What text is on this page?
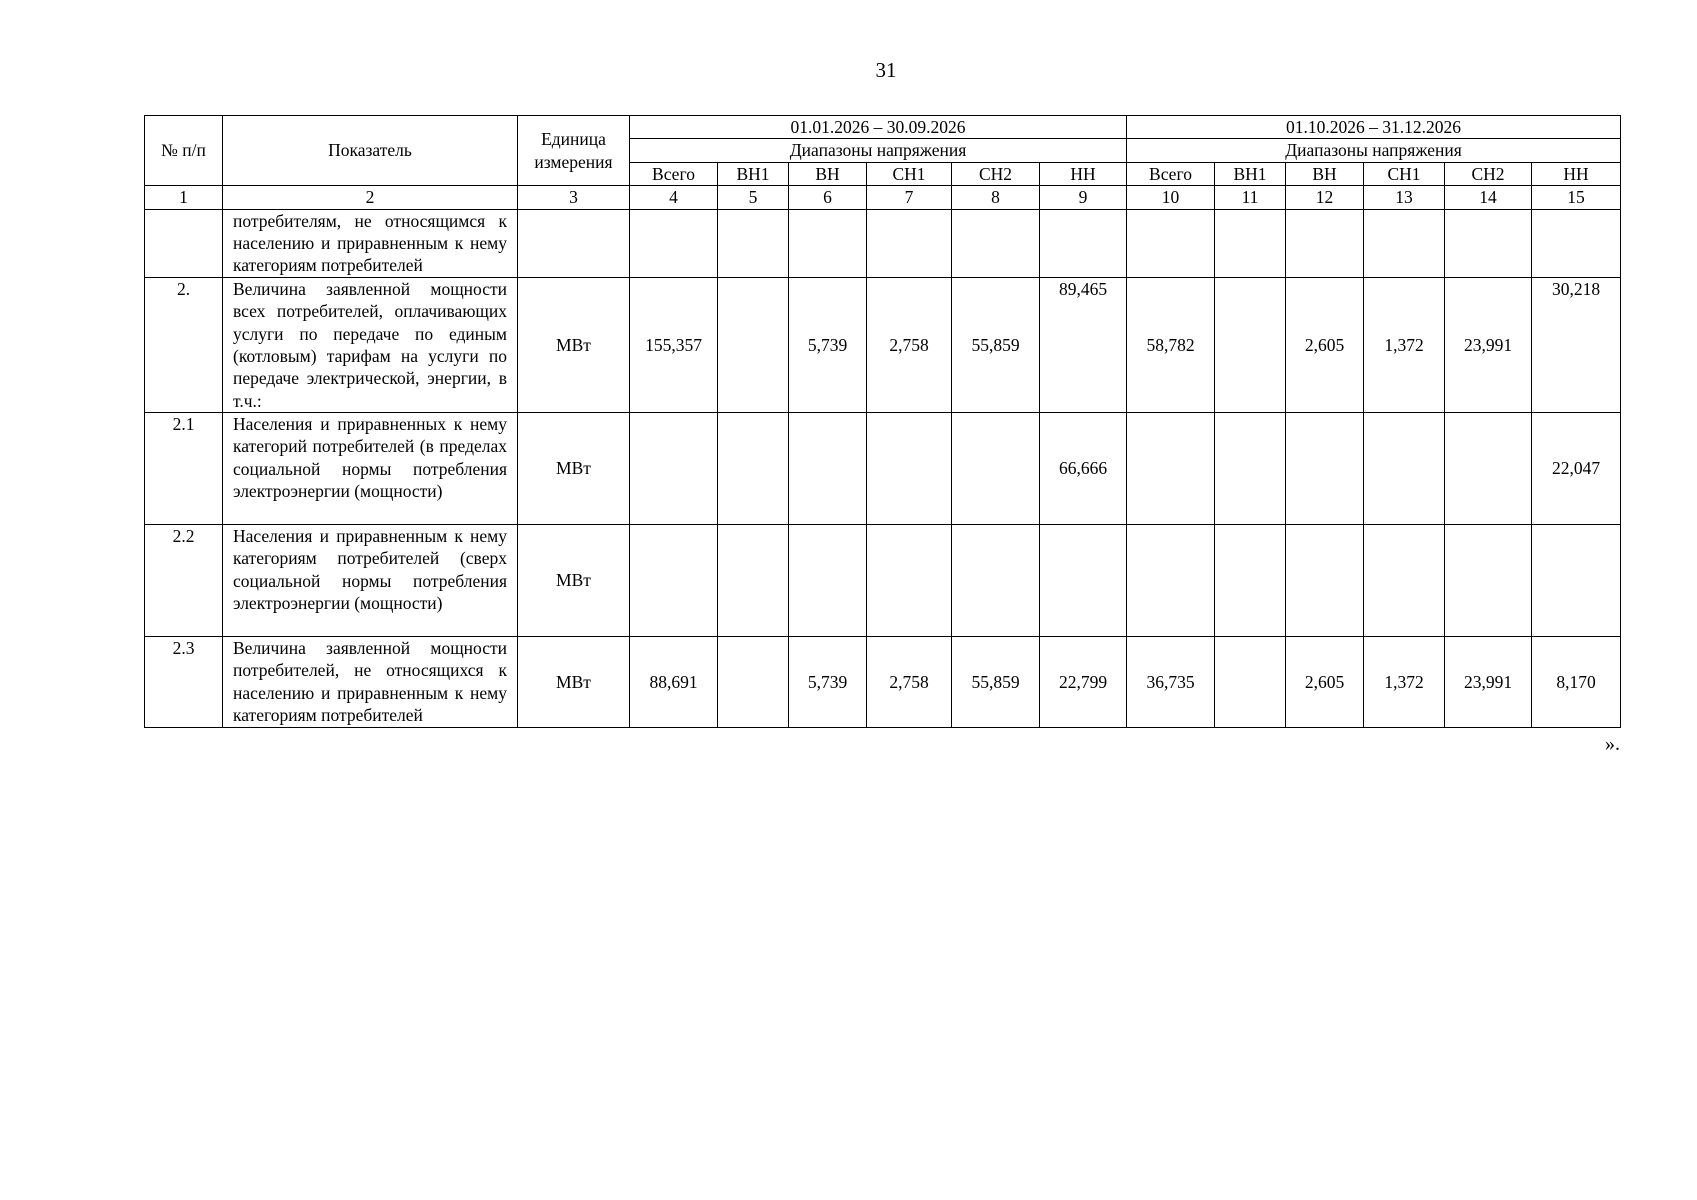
31
№ п/п	Показатель	Единица измерения	01.01.2026 – 30.09.2026						01.10.2026 – 31.12.2026					
			Диапазоны напряжения						Диапазоны напряжения					
			Всего	ВН1	ВН	СН1	СН2	НН	Всего	ВН1	ВН	СН1	СН2	НН
1	2	3	4	5	6	7	8	9	10	11	12	13	14	15
	потребителям, не относящимся к населению и приравненным к нему категориям потребителей													
2.	Величина заявленной мощности всех потребителей, оплачивающих услуги по передаче по единым (котловым) тарифам на услуги по передаче электрической, энергии, в т.ч.:	МВт	155,357		5,739	2,758	55,859	89,465	58,782		2,605	1,372	23,991	30,218
2.1	Населения и приравненных к нему категорий потребителей (в пределах социальной нормы потребления электроэнергии (мощности)	МВт						66,666						22,047
2.2	Населения и приравненным к нему категориям потребителей (сверх социальной нормы потребления электроэнергии (мощности)	МВт												
2.3	Величина заявленной мощности потребителей, не относящихся к населению и приравненным к нему категориям потребителей	МВт	88,691		5,739	2,758	55,859	22,799	36,735		2,605	1,372	23,991	8,170
».
